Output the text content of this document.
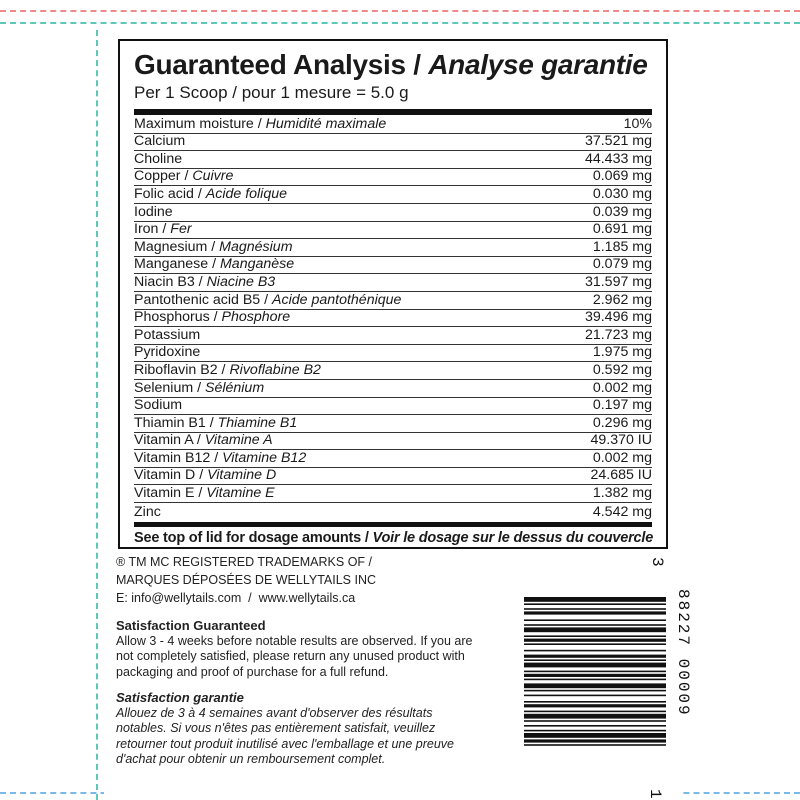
Guaranteed Analysis / Analyse garantie
Per 1 Scoop / pour 1 mesure = 5.0 g
Maximum moisture / Humidité maximale	10%
Calcium	37.521 mg
Choline	44.433 mg
Copper / Cuivre	0.069 mg
Folic acid / Acide folique	0.030 mg
Iodine	0.039 mg
Iron / Fer	0.691 mg
Magnesium / Magnésium	1.185 mg
Manganese / Manganèse	0.079 mg
Niacin B3 / Niacine B3	31.597 mg
Pantothenic acid B5 / Acide pantothénique	2.962 mg
Phosphorus / Phosphore	39.496 mg
Potassium	21.723 mg
Pyridoxine	1.975 mg
Riboflavin B2 / Rivoflabine B2	0.592 mg
Selenium / Sélénium	0.002 mg
Sodium	0.197 mg
Thiamin B1 / Thiamine B1	0.296 mg
Vitamin A / Vitamine A	49.370 IU
Vitamin B12 / Vitamine B12	0.002 mg
Vitamin D / Vitamine D	24.685 IU
Vitamin E / Vitamine E	1.382 mg
Zinc	4.542 mg
See top of lid for dosage amounts / Voir le dosage sur le dessus du couvercle
® TM MC REGISTERED TRADEMARKS OF /
MARQUES DÉPOSÉES DE WELLYTAILS INC
E: info@wellytails.com  /  www.wellytails.ca
Satisfaction Guaranteed
Allow 3 - 4 weeks before notable results are observed. If you are not completely satisfied, please return any unused product with packaging and proof of purchase for a full refund.
Satisfaction garantie
Allouez de 3 à 4 semaines avant d'observer des résultats notables. Si vous n'êtes pas entièrement satisfait, veuillez retourner tout produit inutilisé avec l'emballage et une preuve d'achat pour obtenir un remboursement complet.
3
88227 00009
1
